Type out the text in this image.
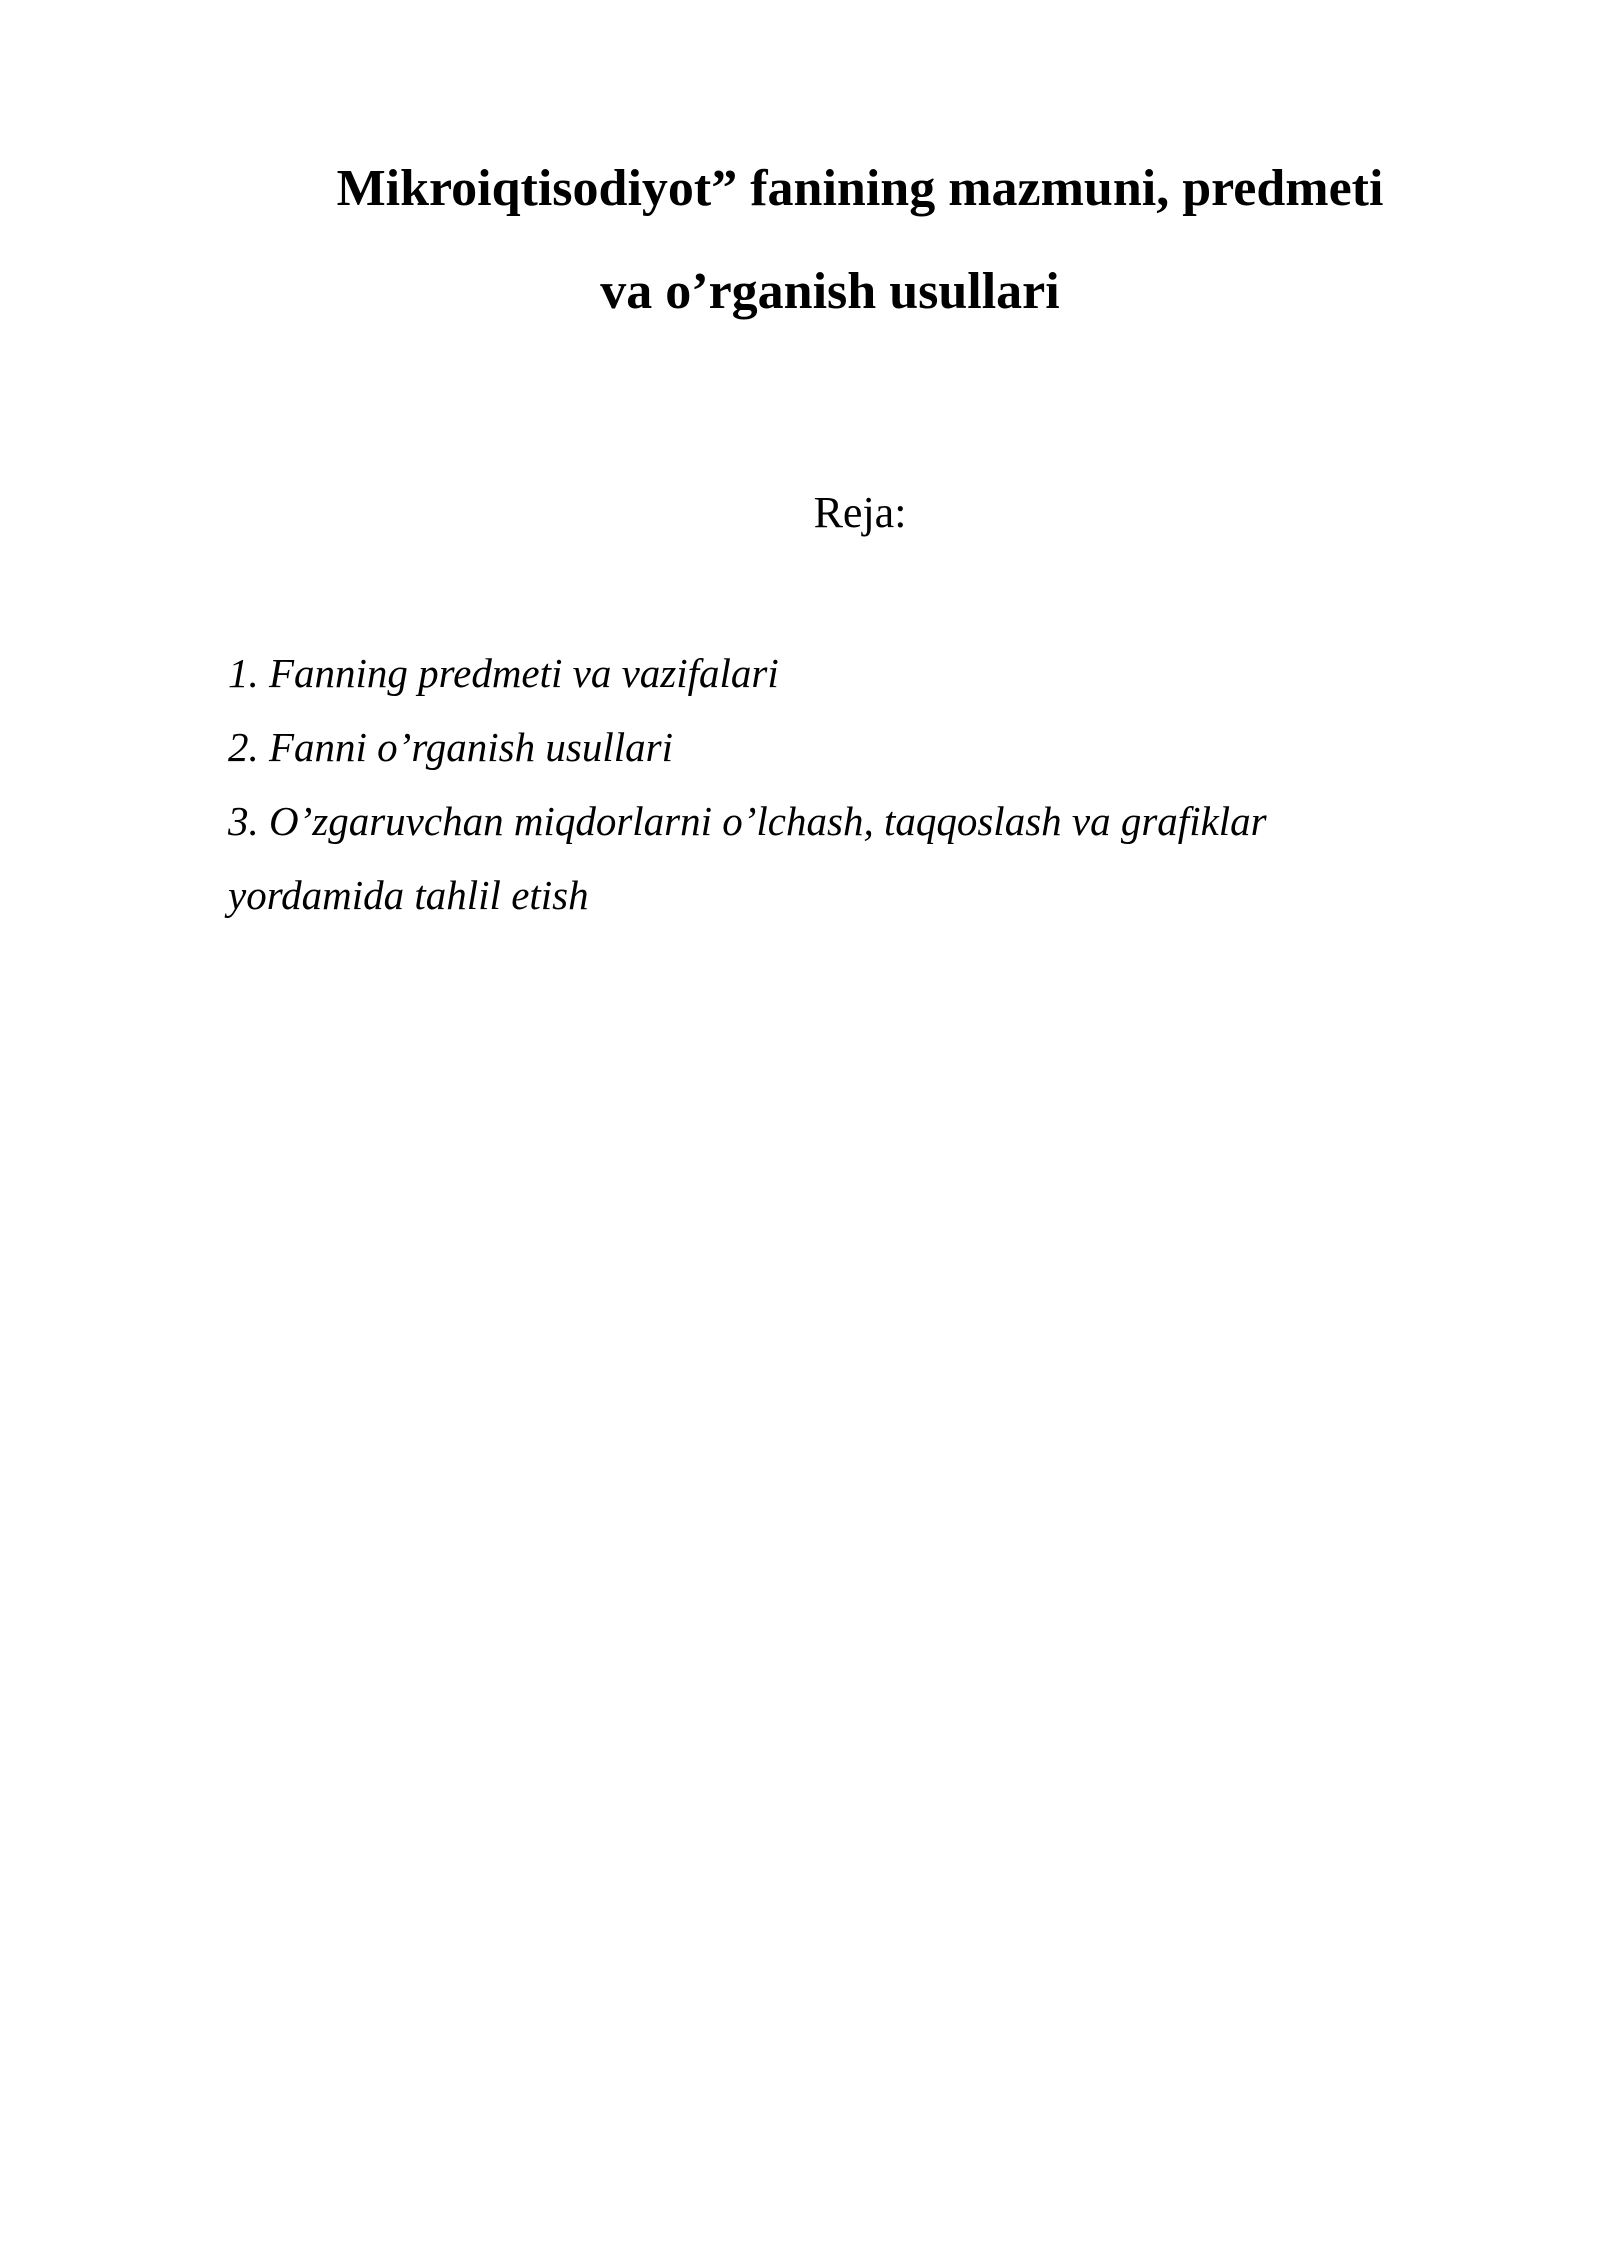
Mikroiqtisodiyot” fanining mazmuni, predmeti
va o’rganish usullari
Reja:
1. Fanning predmeti va vazifalari
2. Fanni o’rganish usullari
3. O’zgaruvchan miqdorlarni o’lchash, taqqoslash va grafiklar yordamida tahlil etish
